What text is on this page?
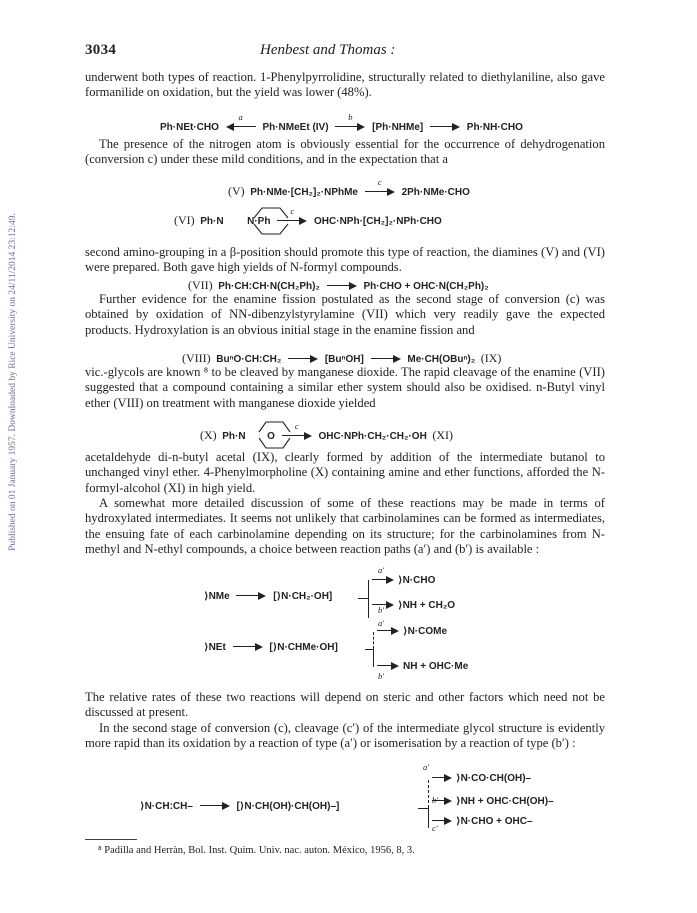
Published on 01 January 1957. Downloaded by Rice University on 24/11/2014 23:12:49.
3034	Henbest and Thomas :
underwent both types of reaction. 1-Phenylpyrrolidine, structurally related to diethylaniline, also gave formanilide on oxidation, but the yield was lower (48%).
Ph·NEt·CHO
a
Ph·NMeEt (IV)
b
[Ph·NHMe]	Ph·NH·CHO
The presence of the nitrogen atom is obviously essential for the occurrence of dehydrogenation (conversion c) under these mild conditions, and in the expectation that a
(V) Ph·NMe·[CH₂]₂·NPhMe
c
2Ph·NMe·CHO
(VI) Ph·N N·Ph
c
OHC·NPh·[CH₂]₂·NPh·CHO
second amino-grouping in a β-position should promote this type of reaction, the diamines (V) and (VI) were prepared. Both gave high yields of N-formyl compounds.
(VII) Ph·CH:CH·N(CH₂Ph)₂	Ph·CHO + OHC·N(CH₂Ph)₂
Further evidence for the enamine fission postulated as the second stage of conversion (c) was obtained by oxidation of NN-dibenzylstyrylamine (VII) which very readily gave the expected products. Hydroxylation is an obvious initial stage in the enamine fission and
(VIII) BuⁿO·CH:CH₂	[BuⁿOH]	Me·CH(OBuⁿ)₂ (IX)
vic.-glycols are known ⁸ to be cleaved by manganese dioxide. The rapid cleavage of the enamine (VII) suggested that a compound containing a similar ether system should also be oxidised. n-Butyl vinyl ether (VIII) on treatment with manganese dioxide yielded
(X) Ph·N O
c
OHC·NPh·CH₂·CH₂·OH (XI)
acetaldehyde di-n-butyl acetal (IX), clearly formed by addition of the intermediate butanol to unchanged vinyl ether. 4-Phenylmorpholine (X) containing amine and ether functions, afforded the N-formyl-alcohol (XI) in high yield.
A somewhat more detailed discussion of some of these reactions may be made in terms of hydroxylated intermediates. It seems not unlikely that carbinolamines can be formed as intermediates, the ensuing fate of each carbinolamine depending on its structure; for the carbinolamines from N-methyl and N-ethyl compounds, a choice between reaction paths (a′) and (b′) is available :
⟩NMe	[⟩N·CH₂·OH]
a′
b′
⟩N·CHO
⟩NH + CH₂O
⟩NEt	[⟩N·CHMe·OH]
a′
b′
⟩N·COMe
NH + OHC·Me
The relative rates of these two reactions will depend on steric and other factors which need not be discussed at present.
In the second stage of conversion (c), cleavage (c′) of the intermediate glycol structure is evidently more rapid than its oxidation by a reaction of type (a′) or isomerisation by a reaction of type (b′) :
⟩N·CH:CH–	[⟩N·CH(OH)·CH(OH)–]
a′
b′
c′
⟩N·CO·CH(OH)–
⟩NH + OHC·CH(OH)–
⟩N·CHO + OHC–
⁸ Padilla and Herràn, Bol. Inst. Quím. Univ. nac. auton. México, 1956, 8, 3.
